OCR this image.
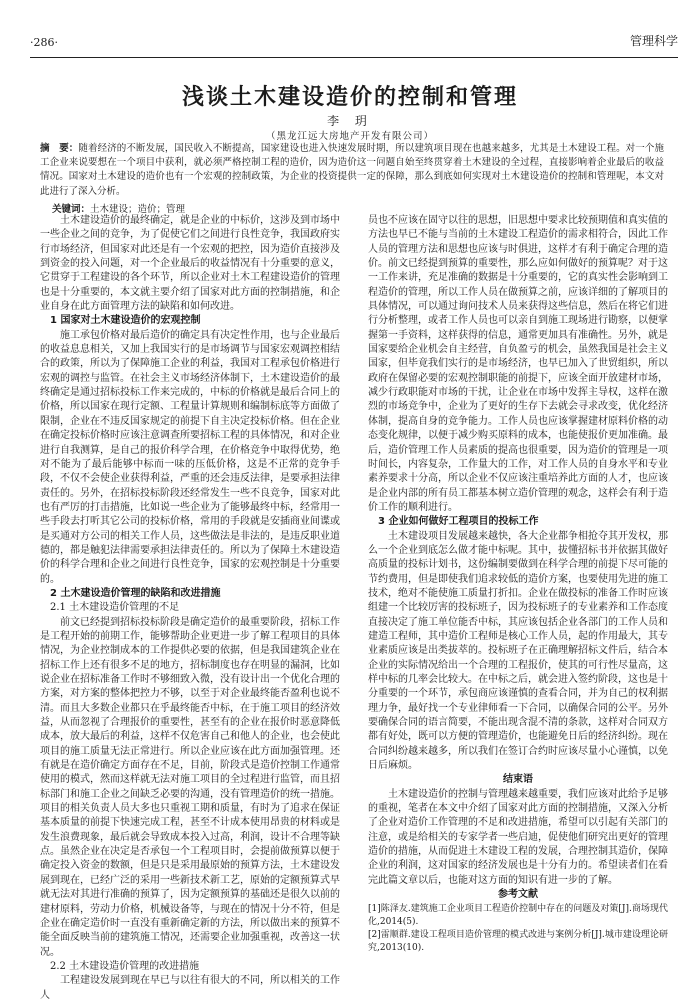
·286·	管理科学
浅谈土木建设造价的控制和管理
李 玥
（黑龙江远大房地产开发有限公司）
摘　要：随着经济的不断发展，国民收入不断提高，国家建设也进入快速发展时期，所以建筑项目现在也越来越多，尤其是土木建设工程。对一个施工企业来说要想在一个项目中获利，就必须严格控制工程的造价，因为造价这一问题自始至终贯穿着土木建设的全过程，直接影响着企业最后的收益情况。国家对土木建设的造价也有一个宏观的控制政策，为企业的投资提供一定的保障，那么到底如何实现对土木建设造价的控制和管理呢，本文对此进行了深入分析。
关键词：土木建设；造价；管理

土木建设造价的最终确定，就是企业的中标价，这涉及到市场中一些企业之间的竞争，为了促使它们之间进行良性竞争，我国政府实行市场经济，但国家对此还是有一个宏观的把控，因为造价直接涉及到资金的投入问题，对一个企业最后的收益情况有十分重要的意义，它贯穿于工程建设的各个环节，所以企业对土木工程建设造价的管理也是十分重要的，本文就主要介绍了国家对此方面的控制措施，和企业自身在此方面管理方法的缺陷和如何改进。

1 国家对土木建设造价的宏观控制

施工承包价格对最后造价的确定具有决定性作用，也与企业最后的收益息息相关，又加上我国实行的是市场调节与国家宏观调控相结合的政策，所以为了保障施工企业的利益，我国对工程承包价格进行宏观的调控与监管。在社会主义市场经济体制下，土木建设造价的最终确定是通过招标投标工作来完成的，中标的价格就是最后合同上的价格，所以国家在现行定额、工程量计算规则和编制标底等方面做了限制，企业在不违反国家规定的前提下自主决定投标价格。但在企业在确定投标价格时应该注意调查所要招标工程的具体情况，和对企业进行自我测算，是自己的报价科学合理，在价格竞争中取得优势，绝对不能为了最后能够中标而一味的压低价格，这是不正常的竞争手段，不仅不会使企业获得利益，严重的还会违反法律，是要承担法律责任的。另外，在招标投标阶段还经常发生一些不良竞争，国家对此也有严厉的打击措施，比如说一些企业为了能够最终中标，经常用一些手段去打听其它公司的投标价格，常用的手段就是安插商业间谍或是买通对方公司的相关工作人员，这些做法是非法的，是违反职业道德的，都是触犯法律需要承担法律责任的。所以为了保障土木建设造价的科学合理和企业之间进行良性竞争，国家的宏观控制是十分重要的。

2 土木建设造价管理的缺陷和改进措施
2.1 土木建设造价管理的不足

前文已经提到招标投标阶段是确定造价的最重要阶段，招标工作是工程开始的前期工作，能够帮助企业更进一步了解工程项目的具体情况，为企业控制成本的工作提供必要的依据，但是我国建筑企业在招标工作上还有很多不足的地方，招标制度也存在明显的漏洞，比如说企业在招标准备工作时不够细致入微，没有设计出一个优化合理的方案，对方案的整体把控力不够，以至于对企业最终能否盈利也说不清。而且大多数企业都只在乎最终能否中标，在于施工项目的经济效益，从而忽视了合理报价的重要性，甚至有的企业在报价时恶意降低成本，放大最后的利益，这样不仅危害自己和他人的企业，也会使此项目的施工质量无法正常进行。所以企业应该在此方面加强管理。还有就是在造价确定方面存在不足，目前，阶段式是造价控制工作通常使用的模式，然而这样就无法对施工项目的全过程进行监管，而且招标部门和施工企业之间缺乏必要的沟通，没有管理造价的统一措施。项目的相关负责人员大多也只重视工期和质量，有时为了追求在保证基本质量的前提下快速完成工程，甚至不计成本使用昂贵的材料或是发生浪费现象，最后就会导致成本投入过高，利润，设计不合理等缺点。虽然企业在决定是否承包一个工程项目时，会提前做预算以便于确定投入资金的数额，但是只是采用最原始的预算方法，土木建设发展到现在，已经广泛的采用一些新技术新工艺，原始的定额预算式早就无法对其进行准确的预算了，因为定额预算的基础还是很久以前的建材原料，劳动力价格，机械设备等，与现在的情况十分不符，但是企业在确定造价时一直没有重新确定新的方法，所以做出来的预算不能全面反映当前的建筑施工情况，还需要企业加强重视，改善这一状况。

2.2 土木建设造价管理的改进措施

工程建设发展到现在早已与以往有很大的不同，所以相关的工作人

员也不应该在固守以往的思想，旧思想中要求比较预期值和真实值的方法也早已不能与当前的土木建设工程造价的需求相符合，因此工作人员的管理方法和思想也应该与时俱进，这样才有利于确定合理的造价。前文已经提到预算的重要性，那么应如何做好的预算呢？对于这一工作来讲，充足准确的数据是十分重要的，它的真实性会影响到工程造价的管理，所以工作人员在做预算之前，应该详细的了解项目的具体情况，可以通过询问技术人员来获得这些信息，然后在将它们进行分析整理，或者工作人员也可以亲自到施工现场进行勘察，以便掌握第一手资料，这样获得的信息，通常更加具有准确性。另外，就是国家要给企业机会自主经营，自负盈亏的机会，虽然我国是社会主义国家，但毕竟我们实行的是市场经济，也早已加入了世贸组织，所以政府在保留必要的宏观控制职能的前提下，应该全面开放建材市场，减少行政职能对市场的干扰，让企业在市场中发挥主导权，这样在激烈的市场竞争中，企业为了更好的生存下去就会寻求改变，优化经济体制，提高自身的竞争能力。工作人员也应该掌握建材原料价格的动态变化规律，以便于减少购买原料的成本，也能使报价更加准确。最后，造价管理工作人员素质的提高也很重要，因为造价的管理是一项时间长，内容复杂，工作量大的工作，对工作人员的自身水平和专业素养要求十分高，所以企业不仅应该注重培养此方面的人才，也应该是企业内部的所有员工都基本树立造价管理的观念，这样会有利于造价工作的顺利进行。

3 企业如何做好工程项目的投标工作

土木建设项目发展越来越快，各大企业都争相抢夺其开发权，那么一个企业到底怎么做才能中标呢。其中，拔懂招标书并依据其做好高质量的投标计划书，这份编制要做到在科学合理的前提下尽可能的节约费用，但是即使我们追求较低的造价方案，也要使用先进的施工技术，绝对不能使施工质量打折扣。企业在做投标的准备工作时应该组建一个比较厉害的投标班子，因为投标班子的专业素养和工作态度直接决定了施工单位能否中标，其应该包括企业各部门的工作人员和建造工程师，其中造价工程师是核心工作人员，起的作用最大，其专业素质应该是出类拔萃的。投标班子在正确理解招标文件后，结合本企业的实际情况给出一个合理的工程报价，使其的可行性尽量高，这样中标的几率会比较大。在中标之后，就会进入签约阶段，这也是十分重要的一个环节，承包商应该谨慎的查看合同，并为自己的权利据理力争，最好找一个专业律师看一下合同，以确保合同的公平。另外要确保合同的语言简要，不能出现含混不清的条款，这样对合同双方都有好处，既可以方便的管理造价，也能避免日后的经济纠纷。现在合同纠纷越来越多，所以我们在签订合约时应该尽量小心谨慎，以免日后麻烦。

结束语

土木建设造价的控制与管理越来越重要，我们应该对此给予足够的重视，笔者在本文中介绍了国家对此方面的控制措施，又深入分析了企业对造价工作管理的不足和改进措施，希望可以引起有关部门的注意，或是给相关的专家学者一些启迪，促使他们研究出更好的管理造价的措施，从而促进土木建设工程的发展，合理控制其造价，保障企业的利润，这对国家的经济发展也是十分有力的。希望读者们在看完此篇文章以后，也能对这方面的知识有进一步的了解。

参考文献
[1]陈泽友.建筑施工企业项目工程造价控制中存在的问题及对策[J].商场现代化,2014(5).
[2]雷顺群.建设工程项目造价管理的模式改进与案例分析[J].城市建设理论研究,2013(10).
